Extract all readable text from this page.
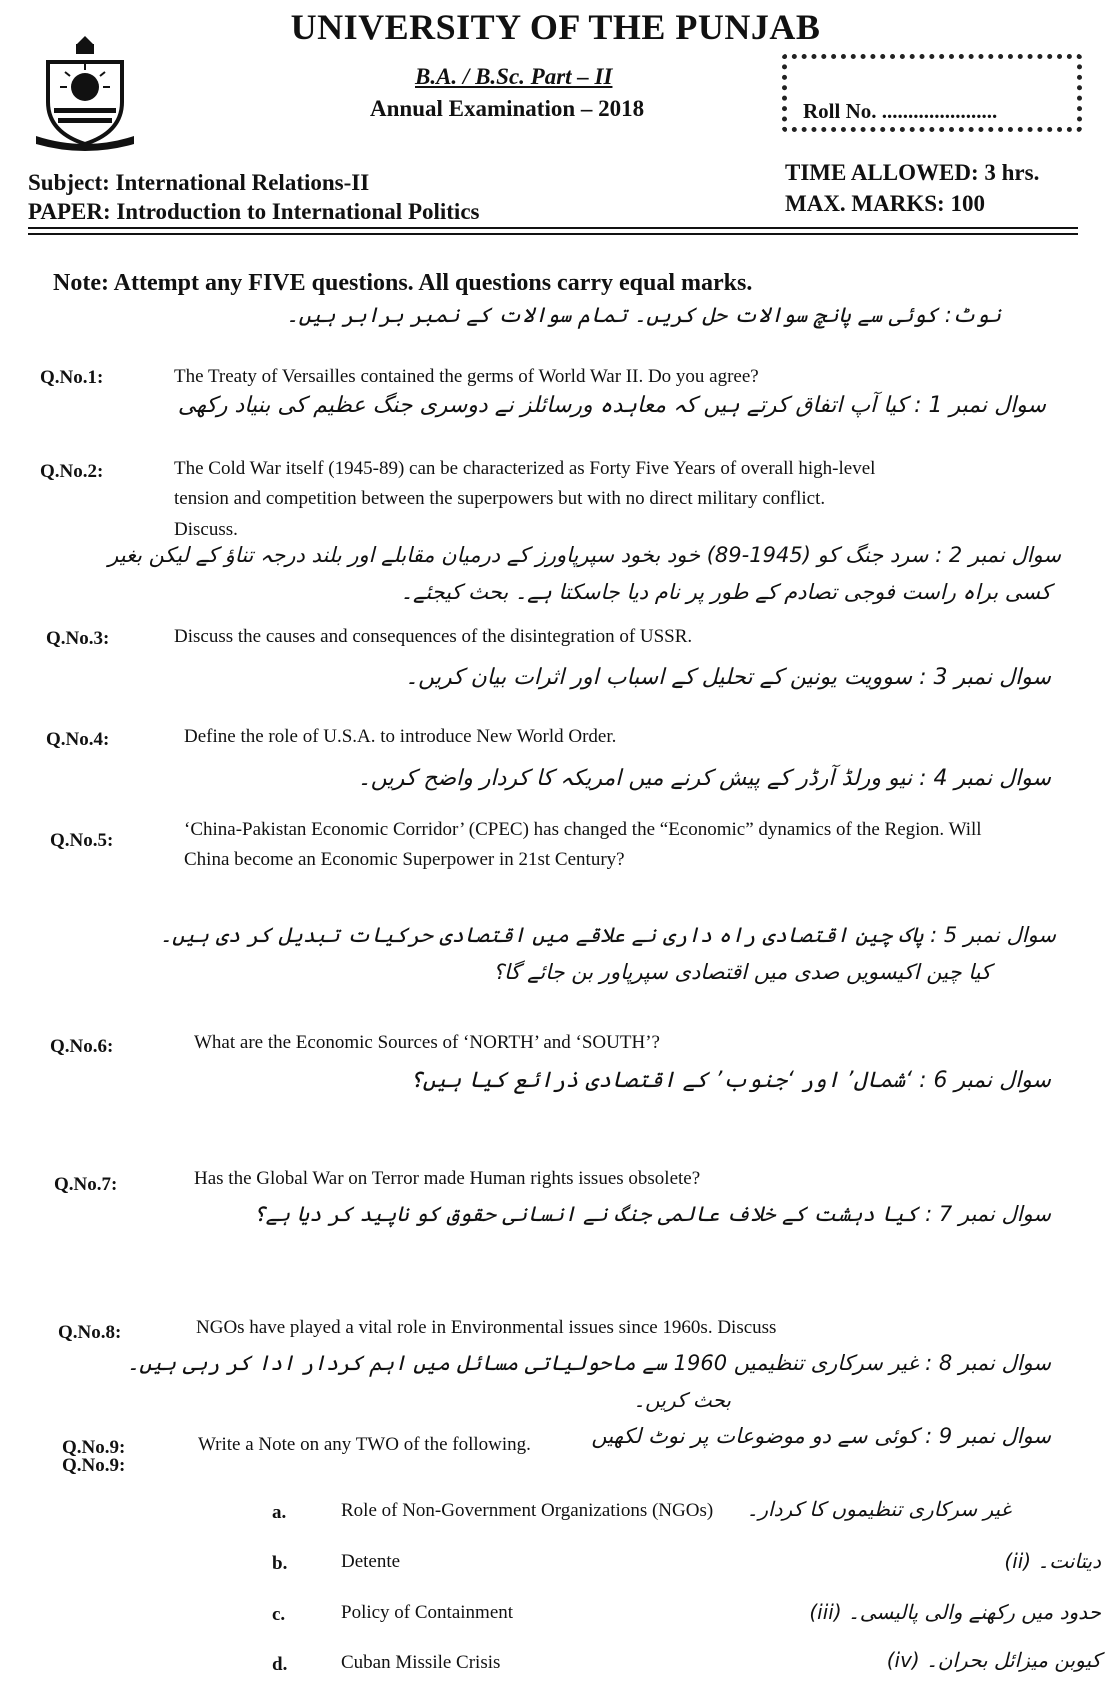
UNIVERSITY OF THE PUNJAB
B.A. / B.Sc. Part – II
Annual Examination – 2018	Roll No. ......................
Subject: International Relations-II
PAPER: Introduction to International Politics
TIME ALLOWED: 3 hrs.
MAX. MARKS: 100
Note: Attempt any FIVE questions. All questions carry equal marks.
نوٹ: کوئی سے پانچ سوالات حل کریں۔ تمام سوالات کے نمبر برابر ہیں۔
Q.No.1:	The Treaty of Versailles contained the germs of World War II. Do you agree?
سوال نمبر 1 : کیا آپ اتفاق کرتے ہیں کہ معاہدہ ورسائلز نے دوسری جنگ عظیم کی بنیاد رکھی
Q.No.2:	The Cold War itself (1945-89) can be characterized as Forty Five Years of overall high-level tension and competition between the superpowers but with no direct military conflict. Discuss.
سوال نمبر 2 : سرد جنگ کو (1945-89) خود بخود سپرپاورز کے درمیان مقابلے اور بلند درجہ تناؤ کے لیکن بغیر
کسی براہ راست فوجی تصادم کے طور پر نام دیا جاسکتا ہے۔ بحث کیجئے۔
Q.No.3:	Discuss the causes and consequences of the disintegration of USSR.
سوال نمبر 3 : سوویت یونین کے تحلیل کے اسباب اور اثرات بیان کریں۔
Q.No.4:	Define the role of U.S.A. to introduce New World Order.
سوال نمبر 4 : نیو ورلڈ آرڈر کے پیش کرنے میں امریکہ کا کردار واضح کریں۔
Q.No.5:
‘China-Pakistan Economic Corridor’ (CPEC) has changed the “Economic” dynamics of the Region. Will China become an Economic Superpower in 21st Century?
سوال نمبر 5 : پاک چین اقتصادی راہ داری نے علاقے میں اقتصادی حرکیات تبدیل کر دی ہیں۔
کیا چین اکیسویں صدی میں اقتصادی سپرپاور بن جائے گا؟
Q.No.6:	What are the Economic Sources of ‘NORTH’ and ‘SOUTH’?
سوال نمبر 6 : ‘شمال’ اور ‘جنوب’ کے اقتصادی ذرائع کیا ہیں؟
Q.No.7:	Has the Global War on Terror made Human rights issues obsolete?
سوال نمبر 7 : کیا دہشت کے خلاف عالمی جنگ نے انسانی حقوق کو ناپید کر دیا ہے؟
Q.No.8:	NGOs have played a vital role in Environmental issues since 1960s. Discuss
سوال نمبر 8 : غیر سرکاری تنظیمیں 1960 سے ماحولیاتی مسائل میں اہم کردار ادا کر رہی ہیں۔
بحث کریں۔
Q.No.9:	Write a Note on any TWO of the following.	سوال نمبر 9 : کوئی سے دو موضوعات پر نوٹ لکھیں
a.	Role of Non-Government Organizations (NGOs) غیر سرکاری تنظیموں کا کردار۔
b.	Detente	(ii) دیتانت۔
c.	Policy of Containment	(iii) حدود میں رکھنے والی پالیسی۔
d.	Cuban Missile Crisis	(iv) کیوبن میزائل بحران۔
Q.No.9:
